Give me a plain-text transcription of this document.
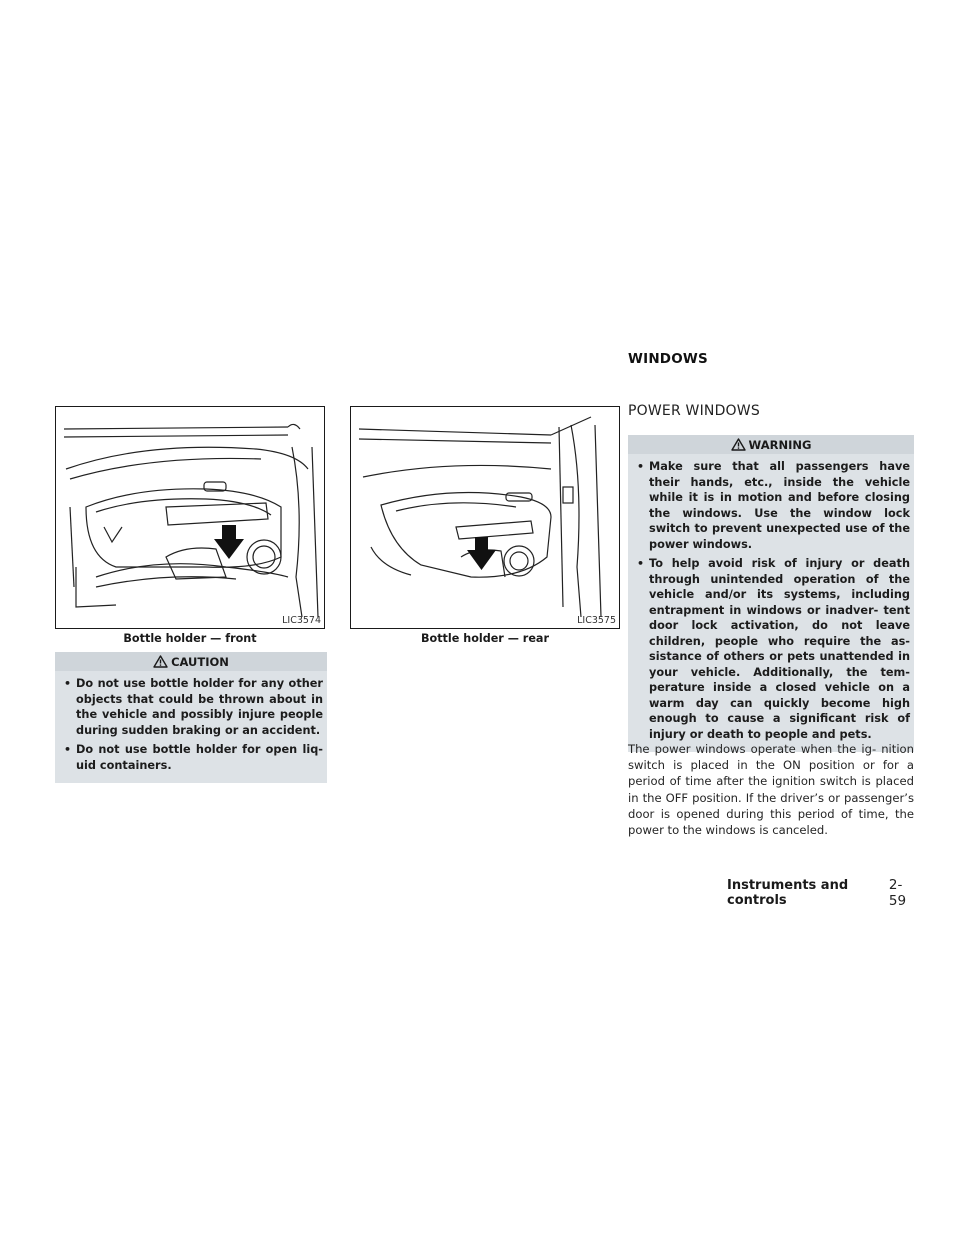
WINDOWS
LIC3574
Bottle holder — front
LIC3575
Bottle holder — rear
CAUTION
• Do not use bottle holder for any other objects that could be thrown about in the vehicle and possibly injure people during sudden braking or an accident.
• Do not use bottle holder for open liq- uid containers.
POWER WINDOWS
WARNING
• Make sure that all passengers have their hands, etc., inside the vehicle while it is in motion and before closing the windows. Use the window lock switch to prevent unexpected use of the power windows.
• To help avoid risk of injury or death through unintended operation of the vehicle and/or its systems, including entrapment in windows or inadver- tent door lock activation, do not leave children, people who require the as- sistance of others or pets unattended in your vehicle. Additionally, the tem- perature inside a closed vehicle on a warm day can quickly become high enough to cause a significant risk of injury or death to people and pets.

The power windows operate when the ig- nition switch is placed in the ON position or for a period of time after the ignition switch is placed in the OFF position. If the driver’s or passenger’s door is opened during this period of time, the power to the windows is canceled.

Instruments and controls
2-59
